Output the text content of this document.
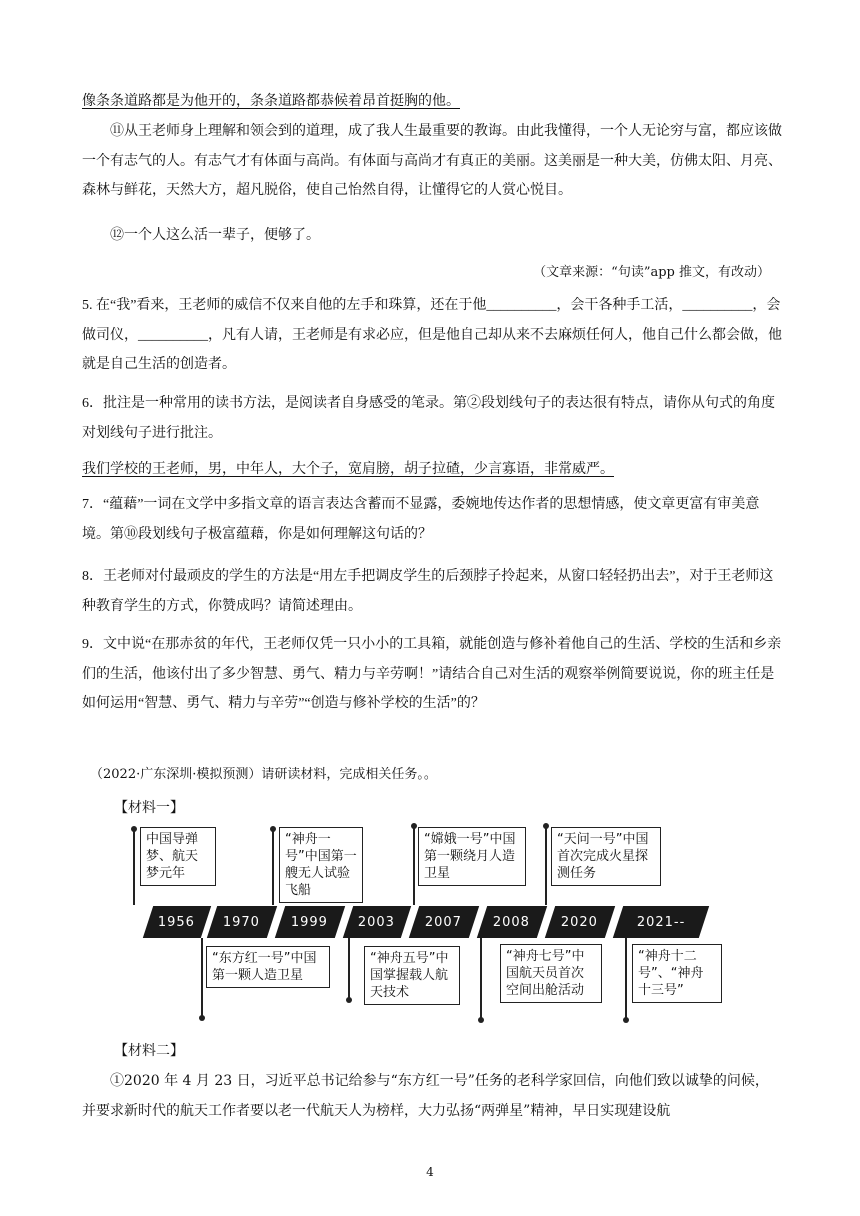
像条条道路都是为他开的，条条道路都恭候着昂首挺胸的他。
⑪从王老师身上理解和领会到的道理，成了我人生最重要的教诲。由此我懂得，一个人无论穷与富，都应该做一个有志气的人。有志气才有体面与高尚。有体面与高尚才有真正的美丽。这美丽是一种大美，仿佛太阳、月亮、森林与鲜花，天然大方，超凡脱俗，使自己怡然自得，让懂得它的人赏心悦目。
⑫一个人这么活一辈子，便够了。
（文章来源：“句读”app 推文，有改动）
5. 在“我”看来，王老师的威信不仅来自他的左手和珠算，还在于他__________，会干各种手工活，__________，会做司仪，__________，凡有人请，王老师是有求必应，但是他自己却从来不去麻烦任何人，他自己什么都会做，他就是自己生活的创造者。
6．批注是一种常用的读书方法，是阅读者自身感受的笔录。第②段划线句子的表达很有特点，请你从句式的角度对划线句子进行批注。
我们学校的王老师，男，中年人，大个子，宽肩膀，胡子拉碴，少言寡语，非常威严。
7．“蕴藉”一词在文学中多指文章的语言表达含蓄而不显露，委婉地传达作者的思想情感，使文章更富有审美意境。第⑩段划线句子极富蕴藉，你是如何理解这句话的？
8．王老师对付最顽皮的学生的方法是“用左手把调皮学生的后颈脖子拎起来，从窗口轻轻扔出去”，对于王老师这种教育学生的方式，你赞成吗？请简述理由。
9．文中说“在那赤贫的年代，王老师仅凭一只小小的工具箱，就能创造与修补着他自己的生活、学校的生活和乡亲们的生活，他该付出了多少智慧、勇气、精力与辛劳啊！”请结合自己对生活的观察举例简要说说，你的班主任是如何运用“智慧、勇气、精力与辛劳”“创造与修补学校的生活”的？
（2022·广东深圳·模拟预测）请研读材料，完成相关任务。。
【材料一】
中国导弹梦、航天梦元年
“神舟一号”中国第一艘无人试验飞船
“嫦娥一号”中国第一颗绕月人造卫星
“天问一号”中国首次完成火星探测任务
1956 1970 1999 2003 2007 2008 2020	2021--
“东方红一号”中国第一颗人造卫星
“神舟五号”中国掌握载人航天技术
“神舟七号”中国航天员首次空间出舱活动
“神舟十二号”、“神舟十三号”
【材料二】
①2020 年 4 月 23 日，习近平总书记给参与“东方红一号”任务的老科学家回信，向他们致以诚挚的问候，并要求新时代的航天工作者要以老一代航天人为榜样，大力弘扬“两弹星”精神，早日实现建设航
4
